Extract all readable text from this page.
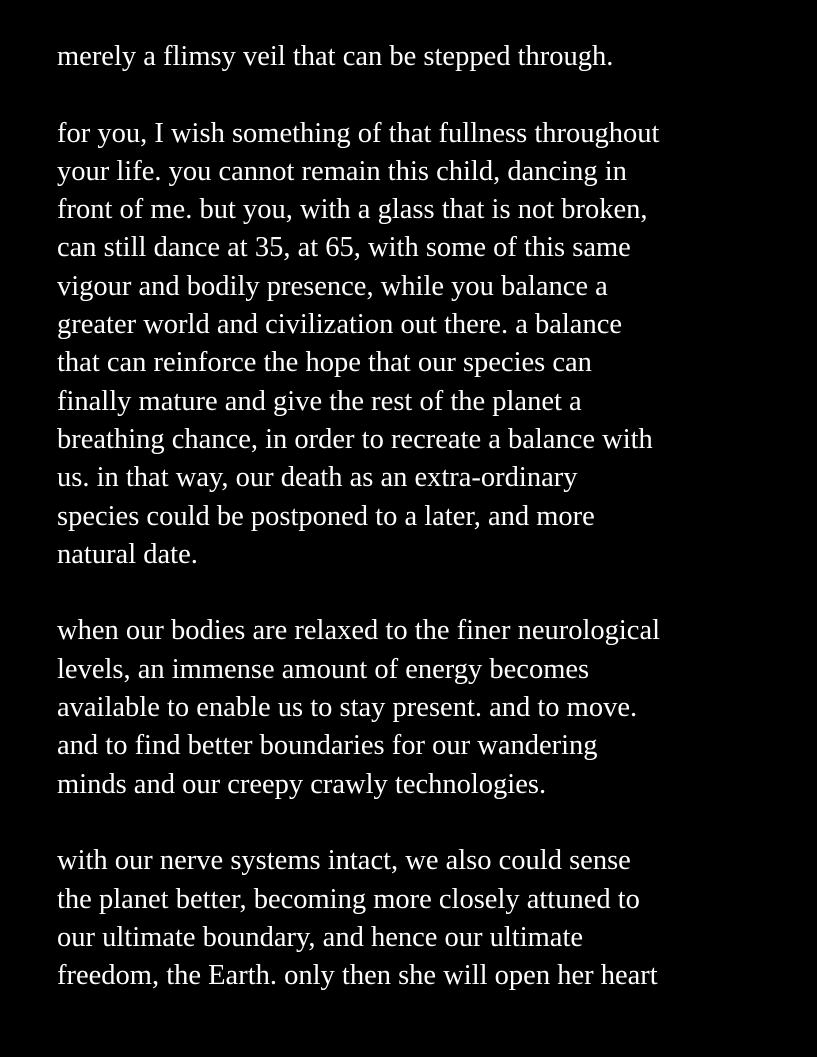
merely a flimsy veil that can be stepped through.
for you, I wish something of that fullness throughout
your life. you cannot remain this child, dancing in
front of me. but you, with a glass that is not broken,
can still dance at 35, at 65, with some of this same
vigour and bodily presence, while you balance a
greater world and civilization out there. a balance
that can reinforce the hope that our species can
finally mature and give the rest of the planet a
breathing chance, in order to recreate a balance with
us. in that way, our death as an extra-ordinary
species could be postponed to a later, and more
natural date.
when our bodies are relaxed to the finer neurological
levels, an immense amount of energy becomes
available to enable us to stay present. and to move.
and to find better boundaries for our wandering
minds and our creepy crawly technologies.
with our nerve systems intact, we also could sense
the planet better, becoming more closely attuned to
our ultimate boundary, and hence our ultimate
freedom, the Earth. only then she will open her heart
